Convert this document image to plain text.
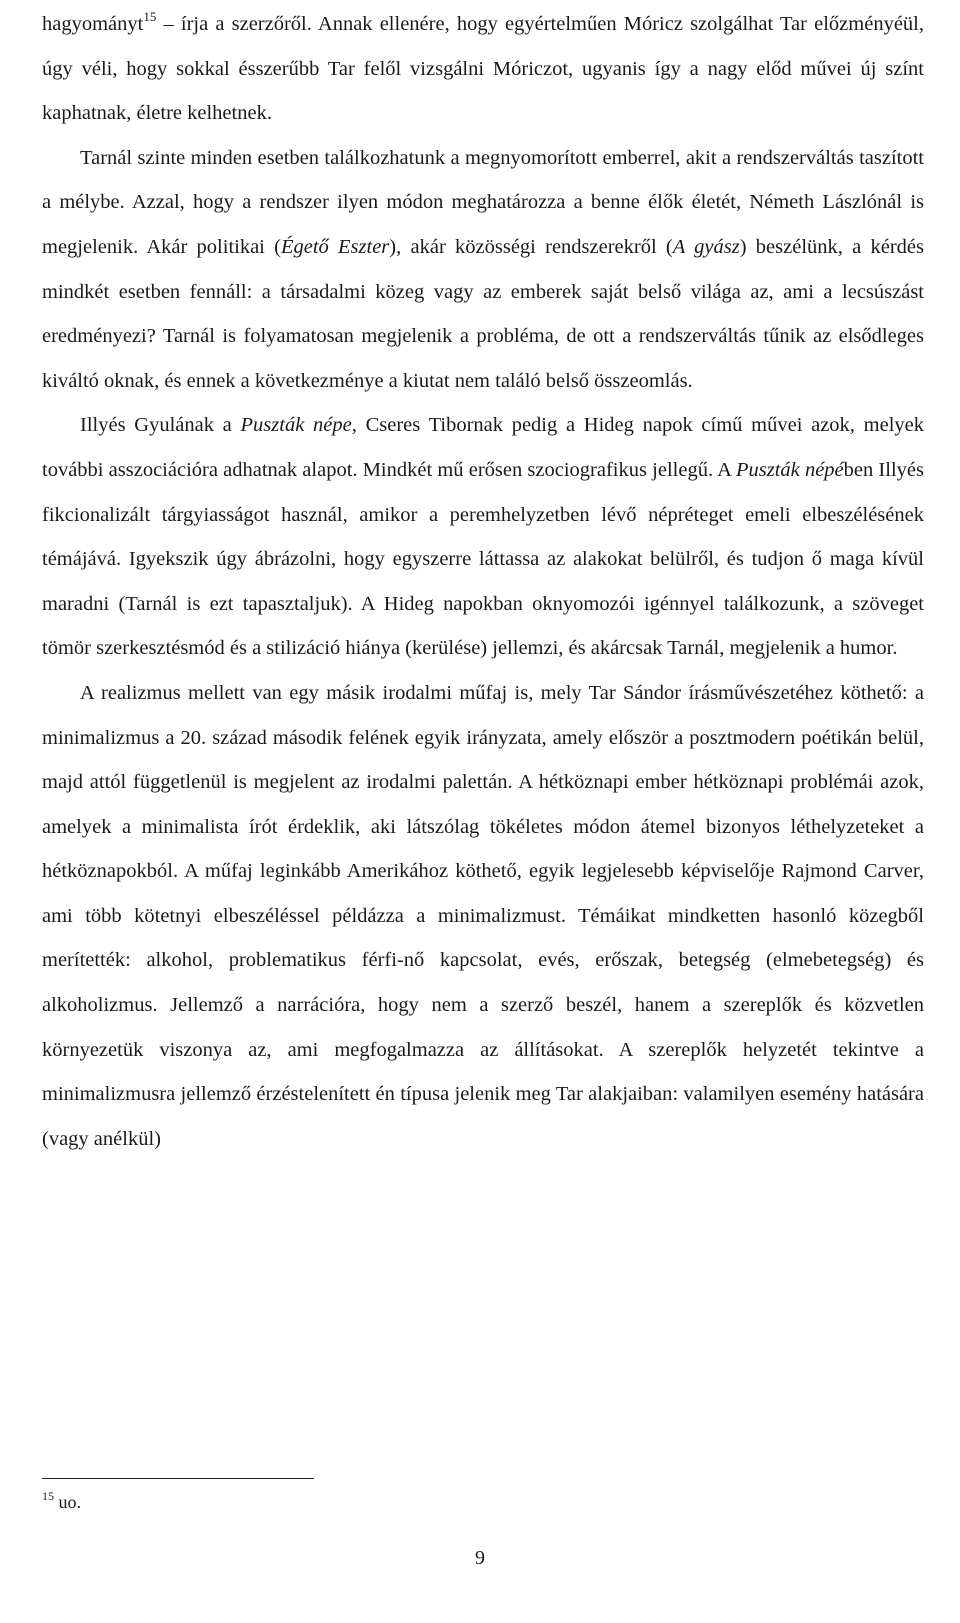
hagyományt$^{15}$ – írja a szerzőről. Annak ellenére, hogy egyértelműen Móricz szolgálhat Tar előzményéül, úgy véli, hogy sokkal ésszerűbb Tar felől vizsgálni Móriczot, ugyanis így a nagy előd művei új színt kaphatnak, életre kelhetnek.

Tarnál szinte minden esetben találkozhatunk a megnyomorított emberrel, akit a rendszerváltás taszított a mélybe. Azzal, hogy a rendszer ilyen módon meghatározza a benne élők életét, Németh Lászlónál is megjelenik. Akár politikai (Égető Eszter), akár közösségi rendszerekről (A gyász) beszélünk, a kérdés mindkét esetben fennáll: a társadalmi közeg vagy az emberek saját belső világa az, ami a lecsúszást eredményezi? Tarnál is folyamatosan megjelenik a probléma, de ott a rendszerváltás tűnik az elsődleges kiváltó oknak, és ennek a következménye a kiutat nem találó belső összeomlás.

Illyés Gyulának a Puszták népe, Cseres Tibornak pedig a Hideg napok című művei azok, melyek további asszociációra adhatnak alapot. Mindkét mű erősen szociografikus jellegű. A Puszták népében Illyés fikcionalizált tárgyiasságot használ, amikor a peremhelyzetben lévő népréteget emeli elbeszélésének témájává. Igyekszik úgy ábrázolni, hogy egyszerre láttassa az alakokat belülről, és tudjon ő maga kívül maradni (Tarnál is ezt tapasztaljuk). A Hideg napokban oknyomozói igénnyel találkozunk, a szöveget tömör szerkesztésmód és a stilizáció hiánya (kerülése) jellemzi, és akárcsak Tarnál, megjelenik a humor.

A realizmus mellett van egy másik irodalmi műfaj is, mely Tar Sándor írásművészetéhez köthető: a minimalizmus a 20. század második felének egyik irányzata, amely először a posztmodern poétikán belül, majd attól függetlenül is megjelent az irodalmi palettán. A hétköznapi ember hétköznapi problémái azok, amelyek a minimalista írót érdeklik, aki látszólag tökéletes módon átemel bizonyos léthelyzeteket a hétköznapokból. A műfaj leginkább Amerikához köthető, egyik legjelesebb képviselője Rajmond Carver, ami több kötetnyi elbeszéléssel példázza a minimalizmust. Témáikat mindketten hasonló közegből merítették: alkohol, problematikus férfi-nő kapcsolat, evés, erőszak, betegség (elmebetegség) és alkoholizmus. Jellemző a narrációra, hogy nem a szerző beszél, hanem a szereplők és közvetlen környezetük viszonya az, ami megfogalmazza az állításokat. A szereplők helyzetét tekintve a minimalizmusra jellemző érzéstelenített én típusa jelenik meg Tar alakjaiban: valamilyen esemény hatására (vagy anélkül)

$^{15}$ uo.
9
